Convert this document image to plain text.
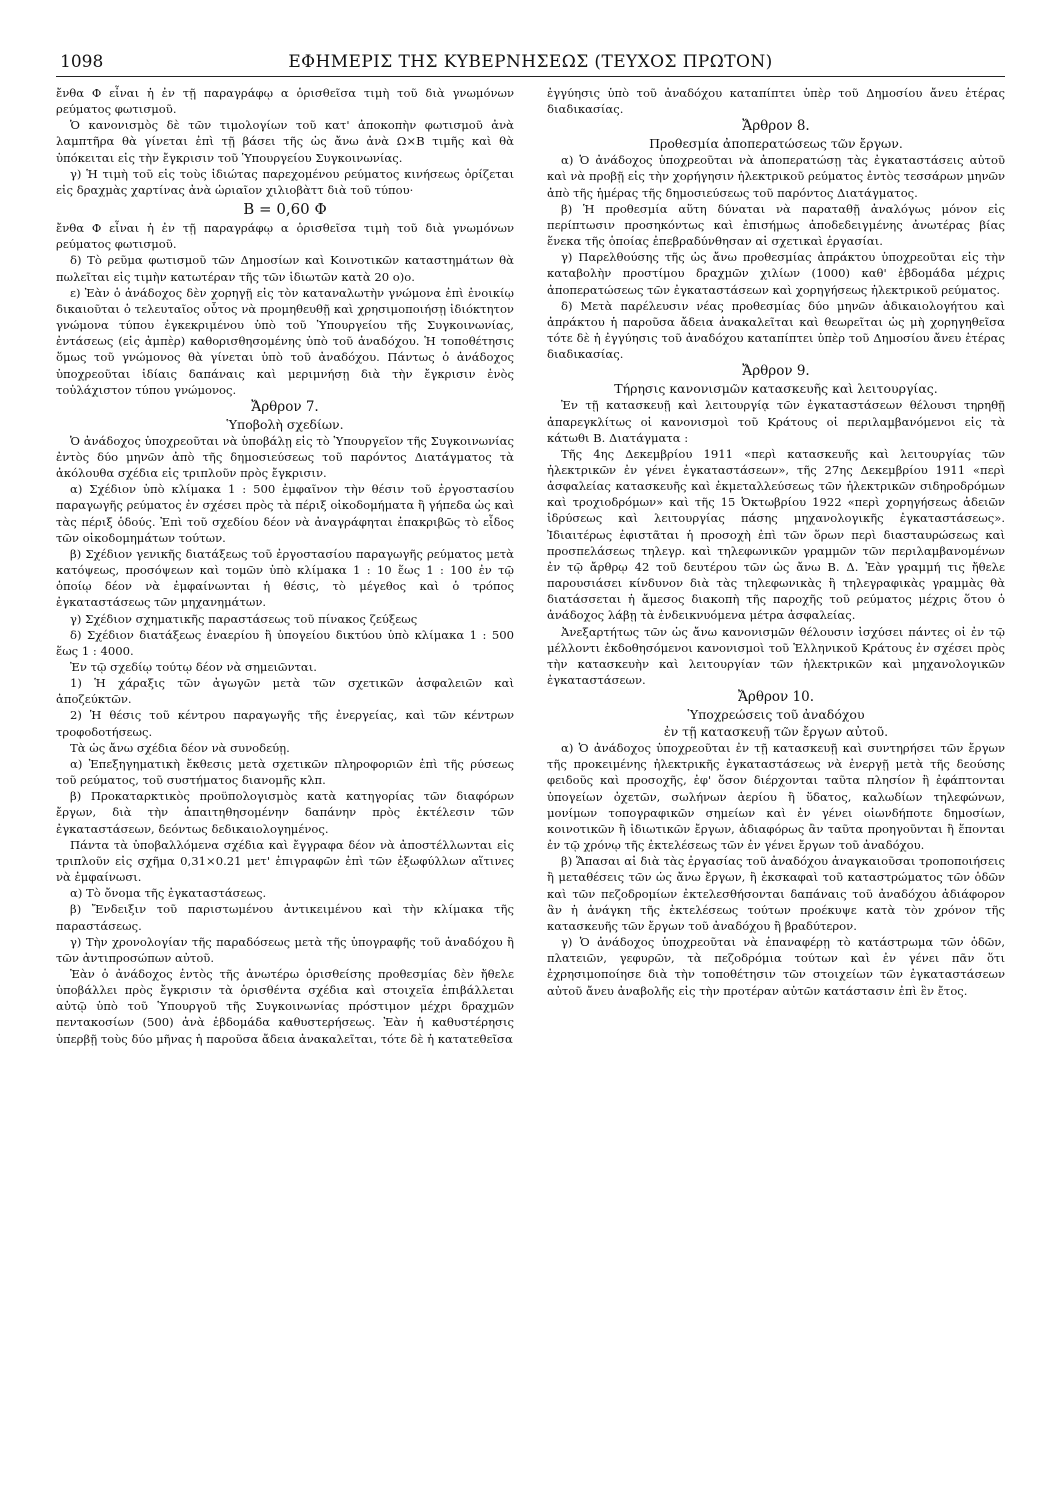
1098	ΕΦΗΜΕΡΙΣ ΤΗΣ ΚΥΒΕΡΝΗΣΕΩΣ (ΤΕΥΧΟΣ ΠΡΩΤΟΝ)

ἔνθα Φ εἶναι ἡ ἐν τῇ παραγράφῳ α ὁρισθεῖσα τιμὴ τοῦ διὰ γνωμόνων ρεύματος φωτισμοῦ.

Ὁ κανονισμὸς δὲ τῶν τιμολογίων τοῦ κατ' ἀποκοπὴν φωτισμοῦ ἀνὰ λαμπτῆρα θὰ γίνεται ἐπὶ τῇ βάσει τῆς ὡς ἄνω ἀνὰ Ω×Β τιμῆς καὶ θὰ ὑπόκειται εἰς τὴν ἔγκρισιν τοῦ Ὑπουργείου Συγκοινωνίας.

γ) Ἡ τιμὴ τοῦ εἰς τοὺς ἰδιώτας παρεχομένου ρεύματος κινήσεως ὁρίζεται εἰς δραχμὰς χαρτίνας ἀνὰ ὡριαῖον χιλιοβὰττ διὰ τοῦ τύπου·

Β = 0,60 Φ

ἔνθα Φ εἶναι ἡ ἐν τῇ παραγράφῳ α ὁρισθεῖσα τιμὴ τοῦ διὰ γνωμόνων ρεύματος φωτισμοῦ.

δ) Τὸ ρεῦμα φωτισμοῦ τῶν Δημοσίων καὶ Κοινοτικῶν καταστημάτων θὰ πωλεῖται εἰς τιμὴν κατωτέραν τῆς τῶν ἰδιωτῶν κατὰ 20 ο)ο.

ε) Ἐὰν ὁ ἀνάδοχος δὲν χορηγῇ εἰς τὸν καταναλωτὴν γνώμονα ἐπὶ ἐνοικίῳ δικαιοῦται ὁ τελευταῖος οὗτος νὰ προμηθευθῇ καὶ χρησιμοποιήσῃ ἰδιόκτητον γνώμονα τύπου ἐγκεκριμένου ὑπὸ τοῦ Ὑπουργείου τῆς Συγκοινωνίας, ἐντάσεως (εἰς ἀμπὲρ) καθορισθησομένης ὑπὸ τοῦ ἀναδόχου. Ἡ τοποθέτησις ὅμως τοῦ γνώμονος θὰ γίνεται ὑπὸ τοῦ ἀναδόχου. Πάντως ὁ ἀνάδοχος ὑποχρεοῦται ἰδίαις δαπάναις καὶ μεριμνήσῃ διὰ τὴν ἔγκρισιν ἑνὸς τοὐλάχιστον τύπου γνώμονος.

Ἄρθρον 7.
Ὑποβολὴ σχεδίων.

Ὁ ἀνάδοχος ὑποχρεοῦται νὰ ὑποβάλῃ εἰς τὸ Ὑπουργεῖον τῆς Συγκοινωνίας ἐντὸς δύο μηνῶν ἀπὸ τῆς δημοσιεύσεως τοῦ παρόντος Διατάγματος τὰ ἀκόλουθα σχέδια εἰς τριπλοῦν πρὸς ἔγκρισιν.

α) Σχέδιον ὑπὸ κλίμακα 1 : 500 ἐμφαῖνον τὴν θέσιν τοῦ ἐργοστασίου παραγωγῆς ρεύματος ἐν σχέσει πρὸς τὰ πέριξ οἰκοδομήματα ἢ γήπεδα ὡς καὶ τὰς πέριξ ὁδούς. Ἐπὶ τοῦ σχεδίου δέον νὰ ἀναγράφηται ἐπακριβῶς τὸ εἶδος τῶν οἰκοδομημάτων τούτων.

β) Σχέδιον γενικῆς διατάξεως τοῦ ἐργοστασίου παραγωγῆς ρεύματος μετὰ κατόψεως, προσόψεων καὶ τομῶν ὑπὸ κλίμακα 1 : 10 ἕως 1 : 100 ἐν τῷ ὁποίῳ δέον νὰ ἐμφαίνωνται ἡ θέσις, τὸ μέγεθος καὶ ὁ τρόπος ἐγκαταστάσεως τῶν μηχανημάτων.

γ) Σχέδιον σχηματικῆς παραστάσεως τοῦ πίνακος ζεύξεως

δ) Σχέδιον διατάξεως ἐναερίου ἢ ὑπογείου δικτύου ὑπὸ κλίμακα 1 : 500 ἕως 1 : 4000.

Ἐν τῷ σχεδίῳ τούτῳ δέον νὰ σημειῶνται.

1) Ἡ χάραξις τῶν ἀγωγῶν μετὰ τῶν σχετικῶν ἀσφαλειῶν καὶ ἀποζεύκτῶν.

2) Ἡ θέσις τοῦ κέντρου παραγωγῆς τῆς ἐνεργείας, καὶ τῶν κέντρων τροφοδοτήσεως.

Τὰ ὡς ἄνω σχέδια δέον νὰ συνοδεύῃ.

α) Ἐπεξηγηματικὴ ἔκθεσις μετὰ σχετικῶν πληροφοριῶν ἐπὶ τῆς ρύσεως τοῦ ρεύματος, τοῦ συστήματος διανομῆς κλπ.

β) Προκαταρκτικὸς προϋπολογισμὸς κατὰ κατηγορίας τῶν διαφόρων ἔργων, διὰ τὴν ἀπαιτηθησομένην δαπάνην πρὸς ἐκτέλεσιν τῶν ἐγκαταστάσεων, δεόντως δεδικαιολογημένος.

Πάντα τὰ ὑποβαλλόμενα σχέδια καὶ ἔγγραφα δέον νὰ ἀποστέλλωνται εἰς τριπλοῦν εἰς σχῆμα 0,31×0.21 μετ' ἐπιγραφῶν ἐπὶ τῶν ἐξωφύλλων αἵτινες νὰ ἐμφαίνωσι.

α) Τὸ ὄνομα τῆς ἐγκαταστάσεως.

β) Ἔνδειξιν τοῦ παριστωμένου ἀντικειμένου καὶ τὴν κλίμακα τῆς παραστάσεως.

γ) Τὴν χρονολογίαν τῆς παραδόσεως μετὰ τῆς ὑπογραφῆς τοῦ ἀναδόχου ἢ τῶν ἀντιπροσώπων αὐτοῦ.

Ἐὰν ὁ ἀνάδοχος ἐντὸς τῆς ἀνωτέρω ὁρισθείσης προθεσμίας δὲν ἤθελε ὑποβάλλει πρὸς ἔγκρισιν τὰ ὁρισθέντα σχέδια καὶ στοιχεῖα ἐπιβάλλεται αὐτῷ ὑπὸ τοῦ Ὑπουργοῦ τῆς Συγκοινωνίας πρόστιμον μέχρι δραχμῶν πεντακοσίων (500) ἀνὰ ἑβδομάδα καθυστερήσεως. Ἐὰν ἡ καθυστέρησις ὑπερβῇ τοὺς δύο μῆνας ἡ παροῦσα ἄδεια ἀνακαλεῖται, τότε δὲ ἡ κατατεθεῖσα

ἐγγύησις ὑπὸ τοῦ ἀναδόχου καταπίπτει ὑπὲρ τοῦ Δημοσίου ἄνευ ἑτέρας διαδικασίας.

Ἄρθρον 8.
Προθεσμία ἀποπερατώσεως τῶν ἔργων.

α) Ὁ ἀνάδοχος ὑποχρεοῦται νὰ ἀποπερατώσῃ τὰς ἐγκαταστάσεις αὐτοῦ καὶ νὰ προβῇ εἰς τὴν χορήγησιν ἠλεκτρικοῦ ρεύματος ἐντὸς τεσσάρων μηνῶν ἀπὸ τῆς ἡμέρας τῆς δημοσιεύσεως τοῦ παρόντος Διατάγματος.

β) Ἡ προθεσμία αὕτη δύναται νὰ παραταθῇ ἀναλόγως μόνον εἰς περίπτωσιν προσηκόντως καὶ ἐπισήμως ἀποδεδειγμένης ἀνωτέρας βίας ἕνεκα τῆς ὁποίας ἐπεβραδύνθησαν αἱ σχετικαὶ ἐργασίαι.

γ) Παρελθούσης τῆς ὡς ἄνω προθεσμίας ἀπράκτου ὑποχρεοῦται εἰς τὴν καταβολὴν προστίμου δραχμῶν χιλίων (1000) καθ' ἑβδομάδα μέχρις ἀποπερατώσεως τῶν ἐγκαταστάσεων καὶ χορηγήσεως ἠλεκτρικοῦ ρεύματος.

δ) Μετὰ παρέλευσιν νέας προθεσμίας δύο μηνῶν ἀδικαιολογήτου καὶ ἀπράκτου ἡ παροῦσα ἄδεια ἀνακαλεῖται καὶ θεωρεῖται ὡς μὴ χορηγηθεῖσα τότε δὲ ἡ ἐγγύησις τοῦ ἀναδόχου καταπίπτει ὑπὲρ τοῦ Δημοσίου ἄνευ ἑτέρας διαδικασίας.

Ἄρθρον 9.
Τήρησις κανονισμῶν κατασκευῆς καὶ λειτουργίας.

Ἐν τῇ κατασκευῇ καὶ λειτουργίᾳ τῶν ἐγκαταστάσεων θέλουσι τηρηθῇ ἀπαρεγκλίτως οἱ κανονισμοὶ τοῦ Κράτους οἱ περιλαμβανόμενοι εἰς τὰ κάτωθι Β. Διατάγματα :

Τῆς 4ης Δεκεμβρίου 1911 «περὶ κατασκευῆς καὶ λειτουργίας τῶν ἠλεκτρικῶν ἐν γένει ἐγκαταστάσεων», τῆς 27ης Δεκεμβρίου 1911 «περὶ ἀσφαλείας κατασκευῆς καὶ ἐκμεταλλεύσεως τῶν ἠλεκτρικῶν σιδηροδρόμων καὶ τροχιοδρόμων» καὶ τῆς 15 Ὀκτωβρίου 1922 «περὶ χορηγήσεως ἀδειῶν ἱδρύσεως καὶ λειτουργίας πάσης μηχανολογικῆς ἐγκαταστάσεως». Ἰδιαιτέρως ἐφιστᾶται ἡ προσοχὴ ἐπὶ τῶν ὅρων περὶ διασταυρώσεως καὶ προσπελάσεως τηλεγρ. καὶ τηλεφωνικῶν γραμμῶν τῶν περιλαμβανομένων ἐν τῷ ἄρθρῳ 42 τοῦ δευτέρου τῶν ὡς ἄνω Β. Δ. Ἐὰν γραμμή τις ἤθελε παρουσιάσει κίνδυνον διὰ τὰς τηλεφωνικὰς ἢ τηλεγραφικὰς γραμμὰς θὰ διατάσσεται ἡ ἄμεσος διακοπὴ τῆς παροχῆς τοῦ ρεύματος μέχρις ὅτου ὁ ἀνάδοχος λάβῃ τὰ ἐνδεικνυόμενα μέτρα ἀσφαλείας.

Ἀνεξαρτήτως τῶν ὡς ἄνω κανονισμῶν θέλουσιν ἰσχύσει πάντες οἱ ἐν τῷ μέλλοντι ἐκδοθησόμενοι κανονισμοὶ τοῦ Ἑλληνικοῦ Κράτους ἐν σχέσει πρὸς τὴν κατασκευὴν καὶ λειτουργίαν τῶν ἠλεκτρικῶν καὶ μηχανολογικῶν ἐγκαταστάσεων.

Ἄρθρον 10.
Ὑποχρεώσεις τοῦ ἀναδόχου
ἐν τῇ κατασκευῇ τῶν ἔργων αὐτοῦ.

α) Ὁ ἀνάδοχος ὑποχρεοῦται ἐν τῇ κατασκευῇ καὶ συντηρήσει τῶν ἔργων τῆς προκειμένης ἠλεκτρικῆς ἐγκαταστάσεως νὰ ἐνεργῇ μετὰ τῆς δεούσης φειδοῦς καὶ προσοχῆς, ἐφ' ὅσον διέρχονται ταῦτα πλησίον ἢ ἐφάπτονται ὑπογείων ὀχετῶν, σωλήνων ἀερίου ἢ ὕδατος, καλωδίων τηλεφώνων, μονίμων τοπογραφικῶν σημείων καὶ ἐν γένει οἱωνδήποτε δημοσίων, κοινοτικῶν ἢ ἰδιωτικῶν ἔργων, ἀδιαφόρως ἂν ταῦτα προηγοῦνται ἢ ἕπονται ἐν τῷ χρόνῳ τῆς ἐκτελέσεως τῶν ἐν γένει ἔργων τοῦ ἀναδόχου.

β) Ἅπασαι αἱ διὰ τὰς ἐργασίας τοῦ ἀναδόχου ἀναγκαιοῦσαι τροποποιήσεις ἢ μεταθέσεις τῶν ὡς ἄνω ἔργων, ἢ ἐκσκαφαὶ τοῦ καταστρώματος τῶν ὁδῶν καὶ τῶν πεζοδρομίων ἐκτελεσθήσονται δαπάναις τοῦ ἀναδόχου ἀδιάφορον ἂν ἡ ἀνάγκη τῆς ἐκτελέσεως τούτων προέκυψε κατὰ τὸν χρόνον τῆς κατασκευῆς τῶν ἔργων τοῦ ἀναδόχου ἢ βραδύτερον.

γ) Ὁ ἀνάδοχος ὑποχρεοῦται νὰ ἐπαναφέρῃ τὸ κατάστρωμα τῶν ὁδῶν, πλατειῶν, γεφυρῶν, τὰ πεζοδρόμια τούτων καὶ ἐν γένει πᾶν ὅτι ἐχρησιμοποίησε διὰ τὴν τοποθέτησιν τῶν στοιχείων τῶν ἐγκαταστάσεων αὐτοῦ ἄνευ ἀναβολῆς εἰς τὴν προτέραν αὐτῶν κατάστασιν ἐπὶ ἓν ἔτος.
